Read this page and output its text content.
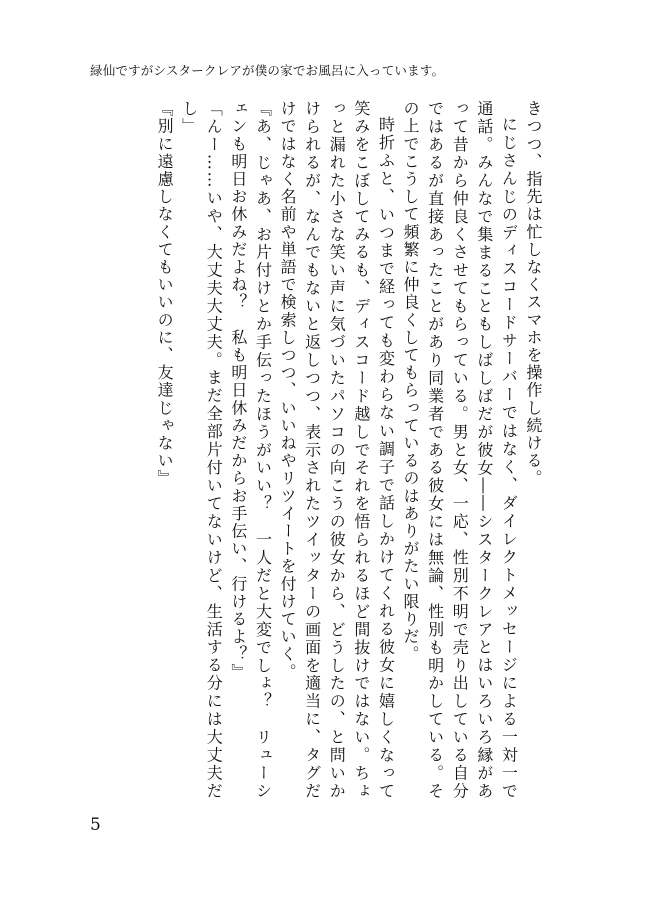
緑仙ですがシスタークレアが僕の家でお風呂に入っています。

きつつ、指先は忙しなくスマホを操作し続ける。

にじさんじのディスコードサーバーではなく、ダイレクトメッセージによる一対一で通話。みんなで集まることもしばしばだが彼女――シスタークレアとはいろいろ縁があって昔から仲良くさせてもらっている。男と女、一応、性別不明で売り出している自分ではあるが直接あったことがあり同業者である彼女には無論、性別も明かしている。その上でこうして頻繁に仲良くしてもらっているのはありがたい限りだ。

時折ふと、いつまで経っても変わらない調子で話しかけてくれる彼女に嬉しくなって笑みをこぼしてみるも、ディスコード越しでそれを悟られるほど間抜けではない。ちょっと漏れた小さな笑い声に気づいたパソコの向こうの彼女から、どうしたの、と問いかけられるが、なんでもないと返しつつ、表示されたツイッターの画面を適当に、タグだけではなく名前や単語で検索しつつ、いいねやリツイートを付けていく。

『あ、じゃあ、お片付けとか手伝ったほうがいい？　一人だと大変でしょ？　リューシェンも明日お休みだよね？　私も明日休みだからお手伝い、行けるよ？』

「んー……いや、大丈夫大丈夫。まだ全部片付いてないけど、生活する分には大丈夫だし」

『別に遠慮しなくてもいいのに、友達じゃない』

5
